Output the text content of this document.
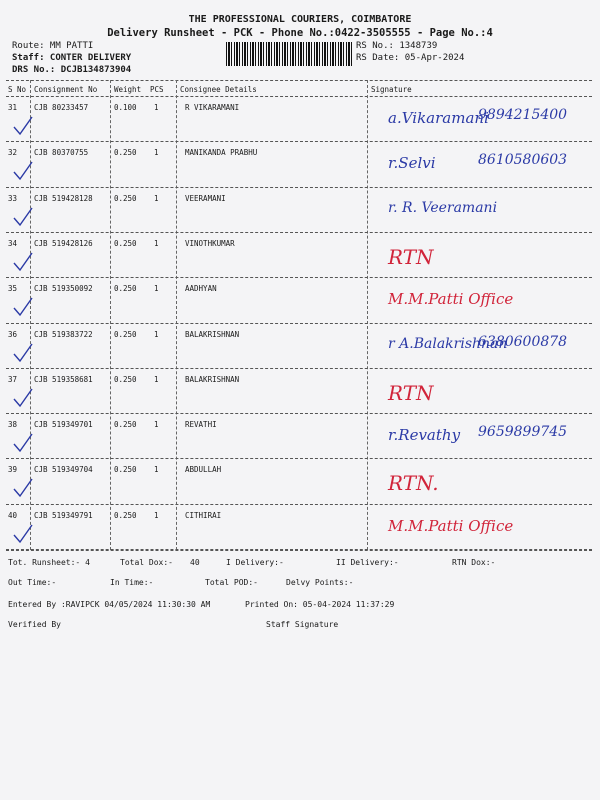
THE PROFESSIONAL COURIERS, COIMBATORE
Delivery Runsheet - PCK - Phone No.:0422-3505555 - Page No.:4
Route: MM PATTI
Staff: CONTER DELIVERY
DRS No.: DCJB134873904
RS No.: 1348739
RS Date: 05-Apr-2024
S No Consignment No Weight PCS Consignee Details	Signature
31 CJB 80233457	0.100 1	R VIKARAMANI
a.Vikaramani
9894215400
32 CJB 80370755	0.250 1	MANIKANDA PRABHU
r.Selvi	8610580603
33 CJB 519428128	0.250 1	VEERAMANI
r. R. Veeramani
34 CJB 519428126	0.250 1	VINOTHKUMAR
RTN
35 CJB 519350092	0.250 1	AADHYAN
M.M.Patti Office
36 CJB 519383722	0.250 1	BALAKRISHNAN
r A.Balakrishnan
6380600878
37 CJB 519358681	0.250 1	BALAKRISHNAN
RTN
38 CJB 519349701	0.250 1	REVATHI
r.Revathy 9659899745
39 CJB 519349704	0.250 1	ABDULLAH
RTN.
40 CJB 519349791	0.250 1	CITHIRAI
M.M.Patti Office
Tot. Runsheet:- 4	Total Dox:- 40	I Delivery:-	II Delivery:-	RTN Dox:-
Out Time:-	In Time:-	Total POD:-	Delvy Points:-
Entered By :RAVIPCK 04/05/2024 11:30:30 AM	Printed On: 05-04-2024 11:37:29
Verified By	Staff Signature
